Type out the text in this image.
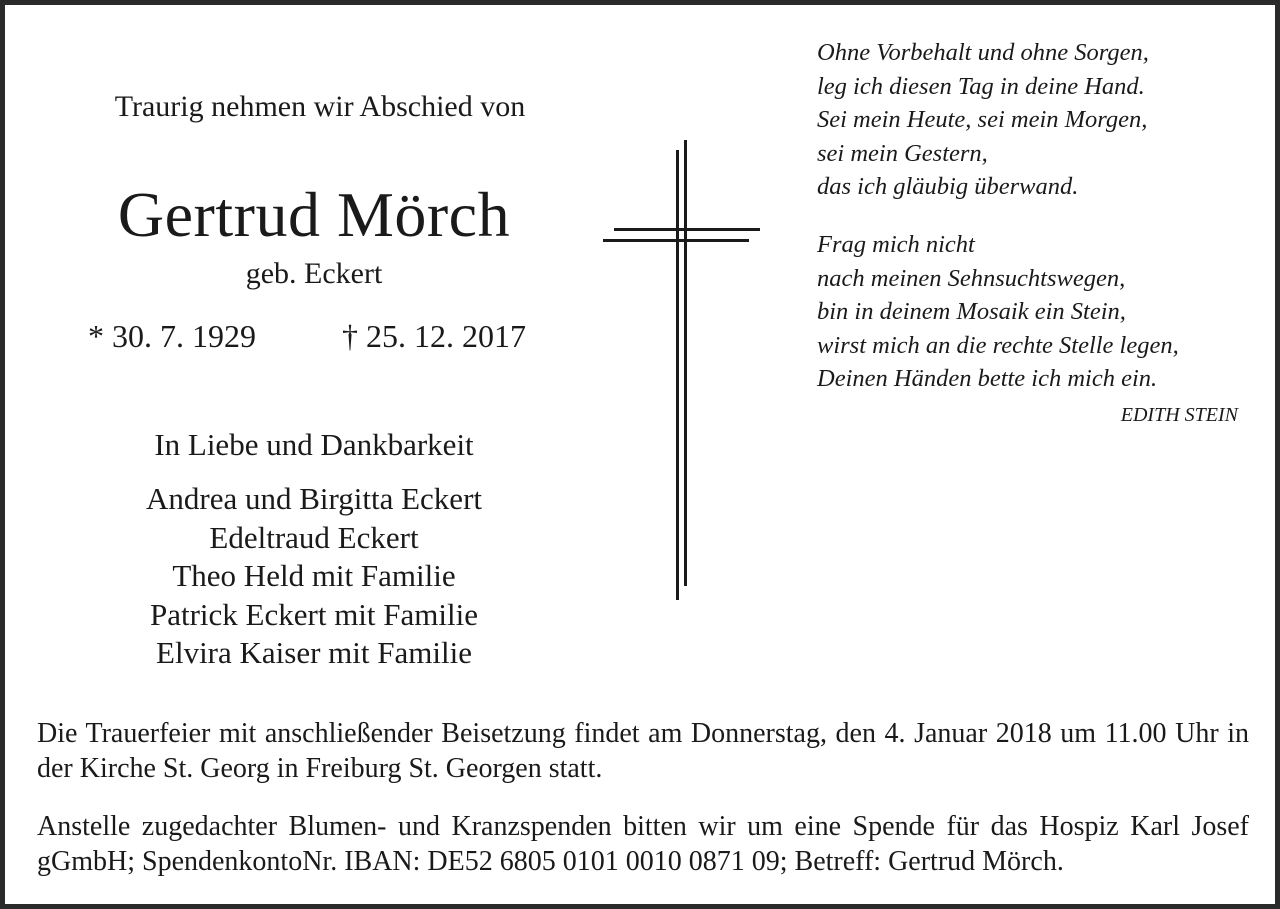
Traurig nehmen wir Abschied von
Gertrud Mörch
geb. Eckert
* 30. 7. 1929	† 25. 12. 2017
In Liebe und Dankbarkeit
Andrea und Birgitta Eckert
Edeltraud Eckert
Theo Held mit Familie
Patrick Eckert mit Familie
Elvira Kaiser mit Familie
Ohne Vorbehalt und ohne Sorgen,
leg ich diesen Tag in deine Hand.
Sei mein Heute, sei mein Morgen,
sei mein Gestern,
das ich gläubig überwand.
Frag mich nicht
nach meinen Sehnsuchtswegen,
bin in deinem Mosaik ein Stein,
wirst mich an die rechte Stelle legen,
Deinen Händen bette ich mich ein.
EDITH STEIN
Die Trauerfeier mit anschließender Beisetzung findet am Donnerstag, den 4. Januar 2018 um 11.00 Uhr in der Kirche St. Georg in Freiburg St. Georgen statt.
Anstelle zugedachter Blumen- und Kranzspenden bitten wir um eine Spende für das Hospiz Karl Josef gGmbH; SpendenkontoNr. IBAN: DE52 6805 0101 0010 0871 09; Betreff: Gertrud Mörch.
